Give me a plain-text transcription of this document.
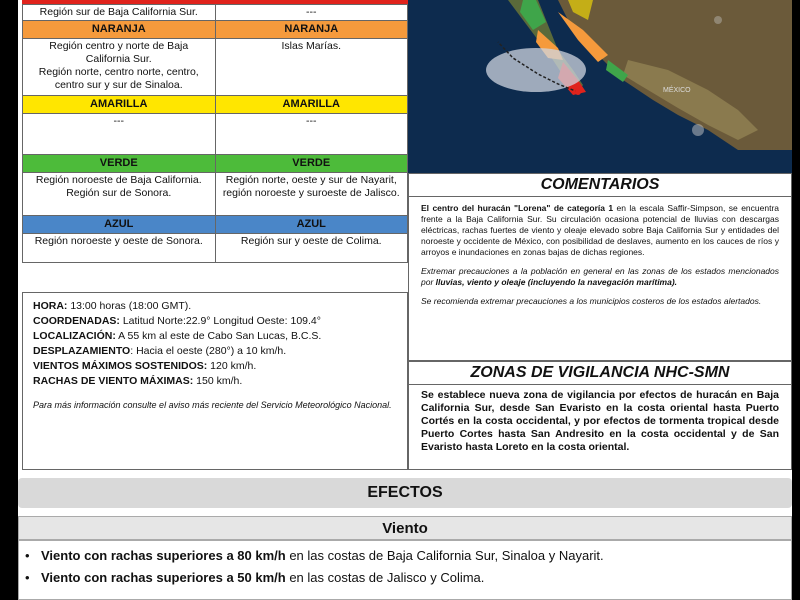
Región sur de Baja California Sur.	---
NARANJA	NARANJA
Región centro y norte de Baja California Sur.
Región norte, centro norte, centro, centro sur y sur de Sinaloa.	Islas Marías.
AMARILLA	AMARILLA
---	---
VERDE	VERDE
Región noroeste de Baja California.
Región sur de Sonora.	Región norte, oeste y sur de Nayarit, región noroeste y suroeste de Jalisco.
AZUL	AZUL
Región noroeste y oeste de Sonora.	Región sur y oeste de Colima.
HORA: 13:00 horas (18:00 GMT).
COORDENADAS: Latitud Norte:22.9° Longitud Oeste: 109.4°
LOCALIZACIÓN: A 55 km al este de Cabo San Lucas, B.C.S.
DESPLAZAMIENTO: Hacia el oeste (280°) a 10 km/h.
VIENTOS MÁXIMOS SOSTENIDOS: 120 km/h.
RACHAS DE VIENTO MÁXIMAS: 150 km/h.
Para más información consulte el aviso más reciente del Servicio Meteorológico Nacional.
MÉXICO
COMENTARIOS

El centro del huracán "Lorena" de categoría 1 en la escala Saffir-Simpson, se encuentra frente a la Baja California Sur. Su circulación ocasiona potencial de lluvias con descargas eléctricas, rachas fuertes de viento y oleaje elevado sobre Baja California Sur y entidades del noroeste y occidente de México, con posibilidad de deslaves, aumento en los cauces de ríos y arroyos e inundaciones en zonas bajas de dichas regiones.

Extremar precauciones a la población en general en las zonas de los estados mencionados por lluvias, viento y oleaje (incluyendo la navegación marítima).

Se recomienda extremar precauciones a los municipios costeros de los estados alertados.

ZONAS DE VIGILANCIA NHC-SMN
Se establece nueva zona de vigilancia por efectos de huracán en Baja California Sur, desde San Evaristo en la costa oriental hasta Puerto Cortés en la costa occidental, y por efectos de tormenta tropical desde Puerto Cortes hasta San Andresito en la costa occidental y de San Evaristo hasta Loreto en la costa oriental.
EFECTOS
Viento
• Viento con rachas superiores a 80 km/h en las costas de Baja California Sur, Sinaloa y Nayarit.
• Viento con rachas superiores a 50 km/h en las costas de Jalisco y Colima.
